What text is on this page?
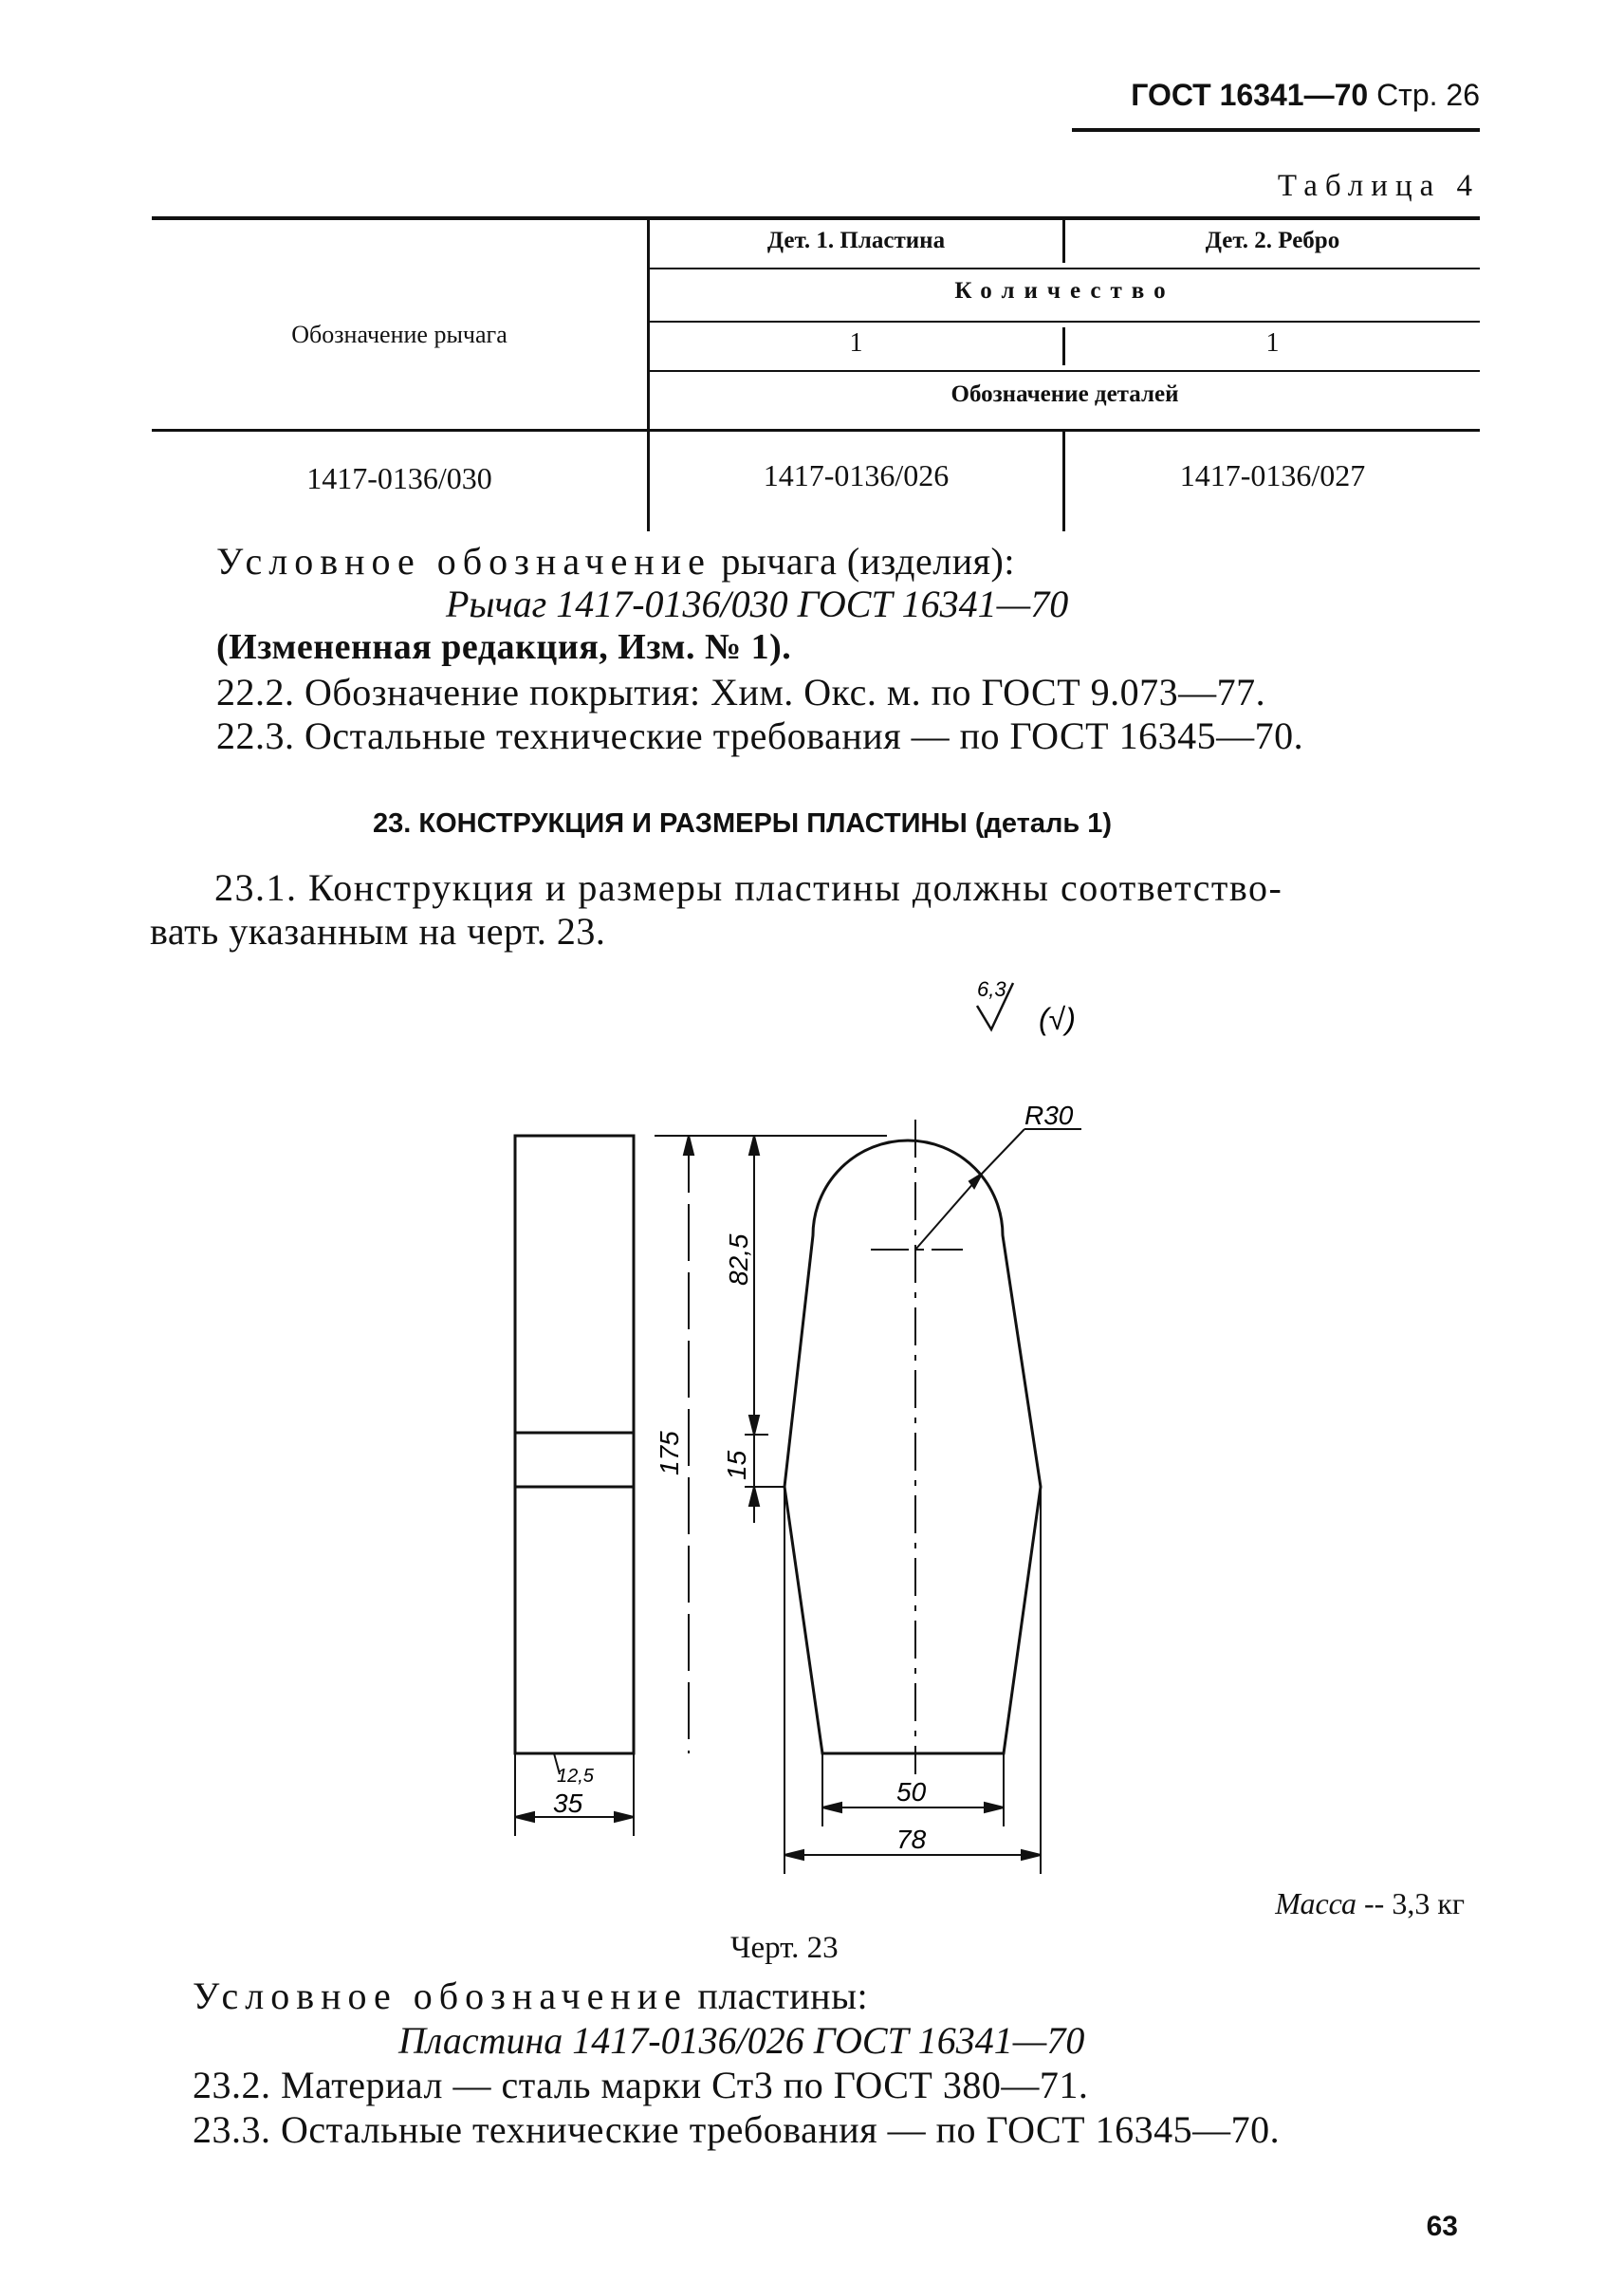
ГОСТ 16341—70 Стр. 26
Таблица 4
Обозначение рычага
Дет. 1. Пластина	Дет. 2. Ребро
Количество
1	1
Обозначение деталей
1417-0136/030	1417-0136/026	1417-0136/027
Условное обозначение рычага (изделия):
Рычаг 1417-0136/030 ГОСТ 16341—70
(Измененная редакция, Изм. № 1).
22.2. Обозначение покрытия: Хим. Окс. м. по ГОСТ 9.073—77.
22.3. Остальные технические требования — по ГОСТ 16345—70.
23. КОНСТРУКЦИЯ И РАЗМЕРЫ ПЛАСТИНЫ (деталь 1)
23.1. Конструкция и размеры пластины должны соответство-
вать указанным на черт. 23.
6,3
(√)
R30
175
82,5
15
12,5
35	50
78
Масса -- 3,3 кг
Черт. 23
Условное обозначение пластины:
Пластина 1417-0136/026 ГОСТ 16341—70
23.2. Материал — сталь марки Ст3 по ГОСТ 380—71.
23.3. Остальные технические требования — по ГОСТ 16345—70.
63
